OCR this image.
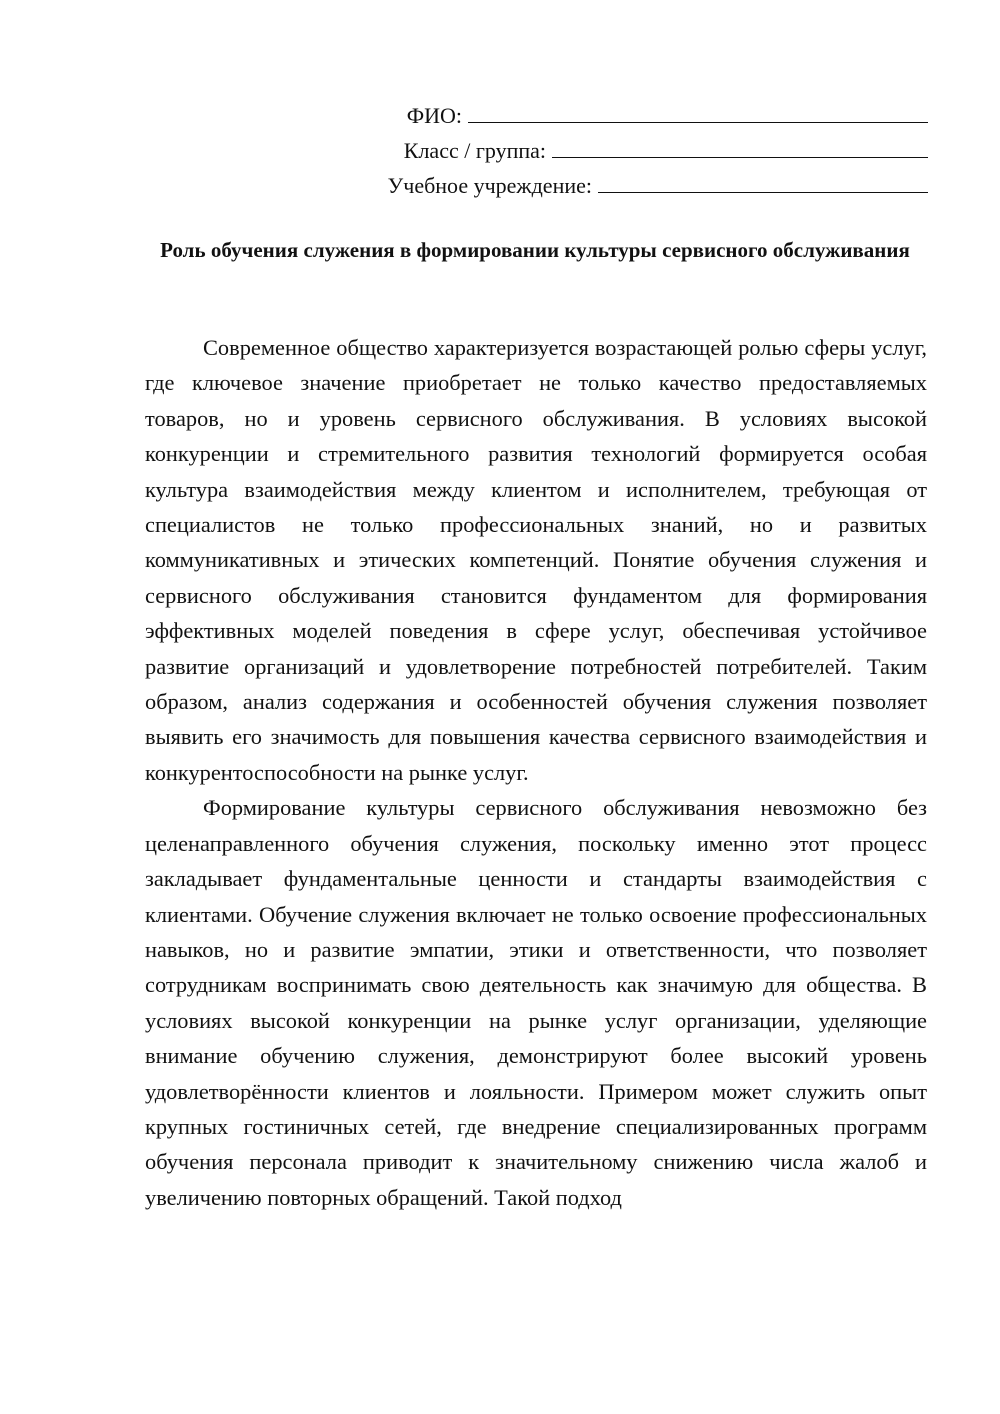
ФИО:
Класс / группа:
Учебное учреждение:
Роль обучения служения в формировании культуры сервисного обслуживания

Современное общество характеризуется возрастающей ролью сферы услуг, где ключевое значение приобретает не только качество предоставляемых товаров, но и уровень сервисного обслуживания. В условиях высокой конкуренции и стремительного развития технологий формируется особая культура взаимодействия между клиентом и исполнителем, требующая от специалистов не только профессиональных знаний, но и развитых коммуникативных и этических компетенций. Понятие обучения служения и сервисного обслуживания становится фундаментом для формирования эффективных моделей поведения в сфере услуг, обеспечивая устойчивое развитие организаций и удовлетворение потребностей потребителей. Таким образом, анализ содержания и особенностей обучения служения позволяет выявить его значимость для повышения качества сервисного взаимодействия и конкурентоспособности на рынке услуг.

Формирование культуры сервисного обслуживания невозможно без целенаправленного обучения служения, поскольку именно этот процесс закладывает фундаментальные ценности и стандарты взаимодействия с клиентами. Обучение служения включает не только освоение профессиональных навыков, но и развитие эмпатии, этики и ответственности, что позволяет сотрудникам воспринимать свою деятельность как значимую для общества. В условиях высокой конкуренции на рынке услуг организации, уделяющие внимание обучению служения, демонстрируют более высокий уровень удовлетворённости клиентов и лояльности. Примером может служить опыт крупных гостиничных сетей, где внедрение специализированных программ обучения персонала приводит к значительному снижению числа жалоб и увеличению повторных обращений. Такой подход
